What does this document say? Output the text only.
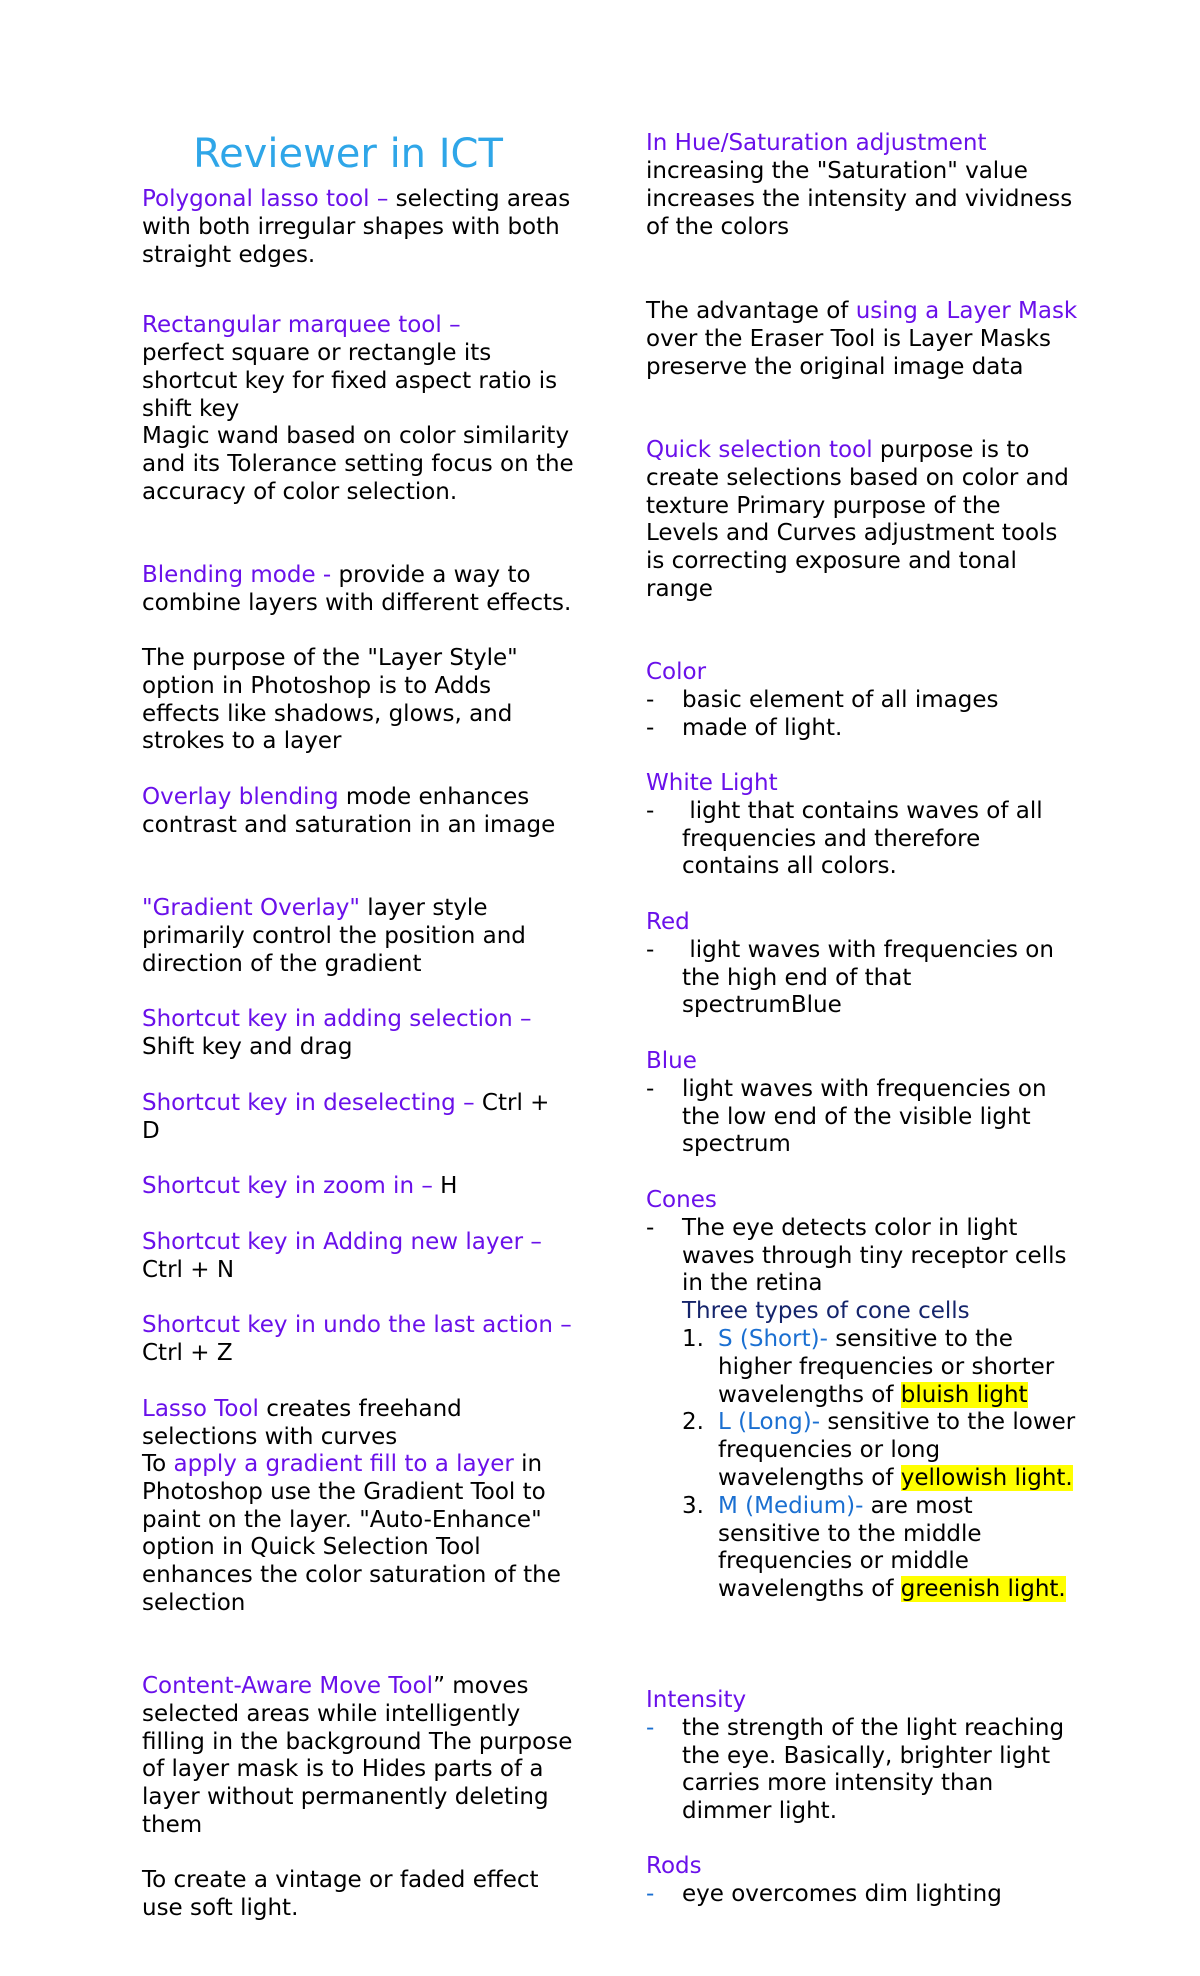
Reviewer in ICT

Polygonal lasso tool – selecting areas with both irregular shapes with both straight edges.

Rectangular marquee tool –

perfect square or rectangle its shortcut key for fixed aspect ratio is shift key

Magic wand based on color similarity and its Tolerance setting focus on the accuracy of color selection.

Blending mode - provide a way to combine layers with different effects.

The purpose of the "Layer Style" option in Photoshop is to Adds effects like shadows, glows, and strokes to a layer

Overlay blending mode enhances contrast and saturation in an image

"Gradient Overlay" layer style primarily control the position and direction of the gradient

Shortcut key in adding selection –
Shift key and drag

Shortcut key in deselecting – Ctrl + D

Shortcut key in zoom in – H

Shortcut key in Adding new layer –
Ctrl + N

Shortcut key in undo the last action – Ctrl + Z

Lasso Tool creates freehand selections with curves

To apply a gradient fill to a layer in Photoshop use the Gradient Tool to paint on the layer. "Auto-Enhance" option in Quick Selection Tool enhances the color saturation of the selection

Content-Aware Move Tool” moves selected areas while intelligently filling in the background The purpose of layer mask is to Hides parts of a layer without permanently deleting them

To create a vintage or faded effect use soft light.

In Hue/Saturation adjustment

increasing the "Saturation" value increases the intensity and vividness of the colors

The advantage of using a Layer Mask over the Eraser Tool is Layer Masks preserve the original image data

Quick selection tool purpose is to create selections based on color and texture Primary purpose of the Levels and Curves adjustment tools is correcting exposure and tonal range

Color

- basic element of all images

- made of light.

White Light

- light that contains waves of all frequencies and therefore contains all colors.

Red

- light waves with frequencies on the high end of that spectrumBlue

Blue

- light waves with frequencies on the low end of the visible light spectrum

Cones

- The eye detects color in light waves through tiny receptor cells in the retina

Three types of cone cells

1. S (Short)- sensitive to the higher frequencies or shorter wavelengths of bluish light

2. L (Long)- sensitive to the lower frequencies or long wavelengths of yellowish light.

3. M (Medium)- are most sensitive to the middle frequencies or middle wavelengths of greenish light.

Intensity

- the strength of the light reaching the eye. Basically, brighter light carries more intensity than dimmer light.

Rods

- eye overcomes dim lighting
